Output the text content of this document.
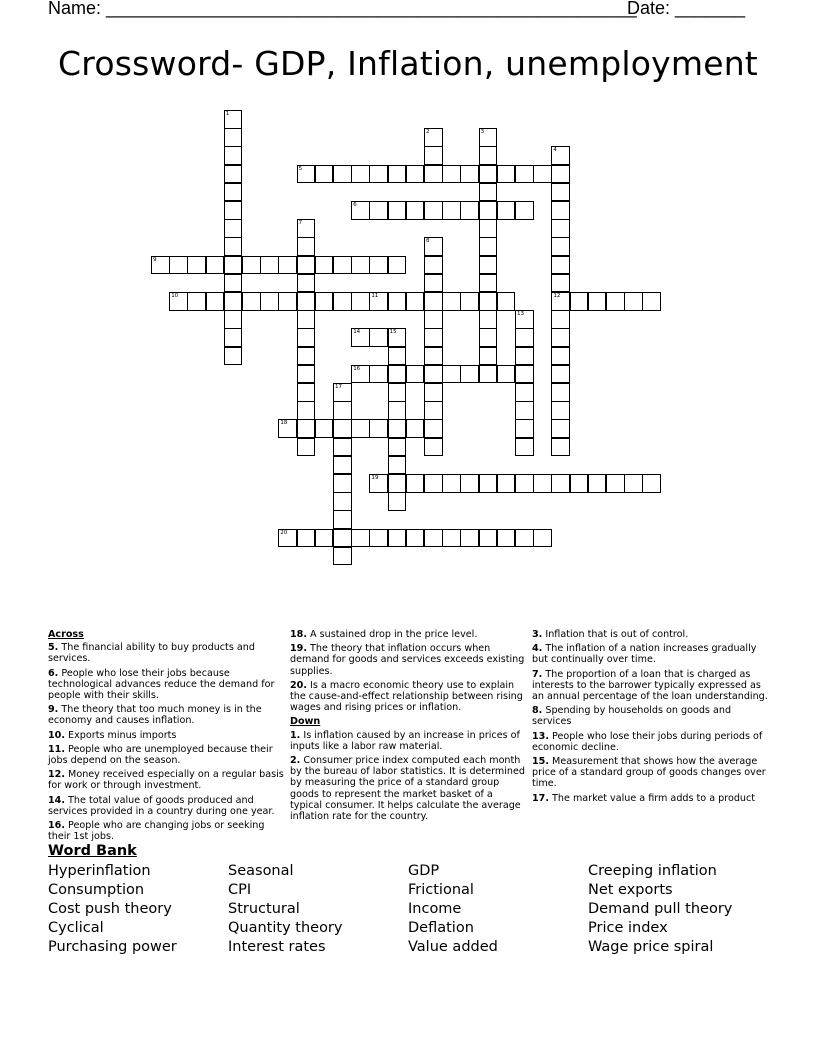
Name: _____________________________________________________
Date: _______
Crossword- GDP, Inflation, unemployment
1
2	3
4
12
5
6
7
8
9
10	11
13
14	15
16
17
18
19
20
Across
5. The financial ability to buy products and services.
6. People who lose their jobs because technological advances reduce the demand for people with their skills.
9. The theory that too much money is in the economy and causes inflation.
10. Exports minus imports
11. People who are unemployed because their jobs depend on the season.
12. Money received especially on a regular basis for work or through investment.
14. The total value of goods produced and services provided in a country during one year.
16. People who are changing jobs or seeking their 1st jobs.
18. A sustained drop in the price level.
19. The theory that inflation occurs when demand for goods and services exceeds existing supplies.
20. Is a macro economic theory use to explain the cause-and-effect relationship between rising wages and rising prices or inflation.
Down
1. Is inflation caused by an increase in prices of inputs like a labor raw material.
2. Consumer price index computed each month by the bureau of labor statistics. It is determined by measuring the price of a standard group goods to represent the market basket of a typical consumer. It helps calculate the average inflation rate for the country.
3. Inflation that is out of control.
4. The inflation of a nation increases gradually but continually over time.
7. The proportion of a loan that is charged as interests to the barrower typically expressed as an annual percentage of the loan understanding.
8. Spending by households on goods and services
13. People who lose their jobs during periods of economic decline.
15. Measurement that shows how the average price of a standard group of goods changes over time.
17. The market value a firm adds to a product
Word Bank
Hyperinflation
Consumption
Cost push theory
Cyclical
Purchasing power
Seasonal
CPI
Structural
Quantity theory
Interest rates
GDP
Frictional
Income
Deflation
Value added
Creeping inflation
Net exports
Demand pull theory
Price index
Wage price spiral
